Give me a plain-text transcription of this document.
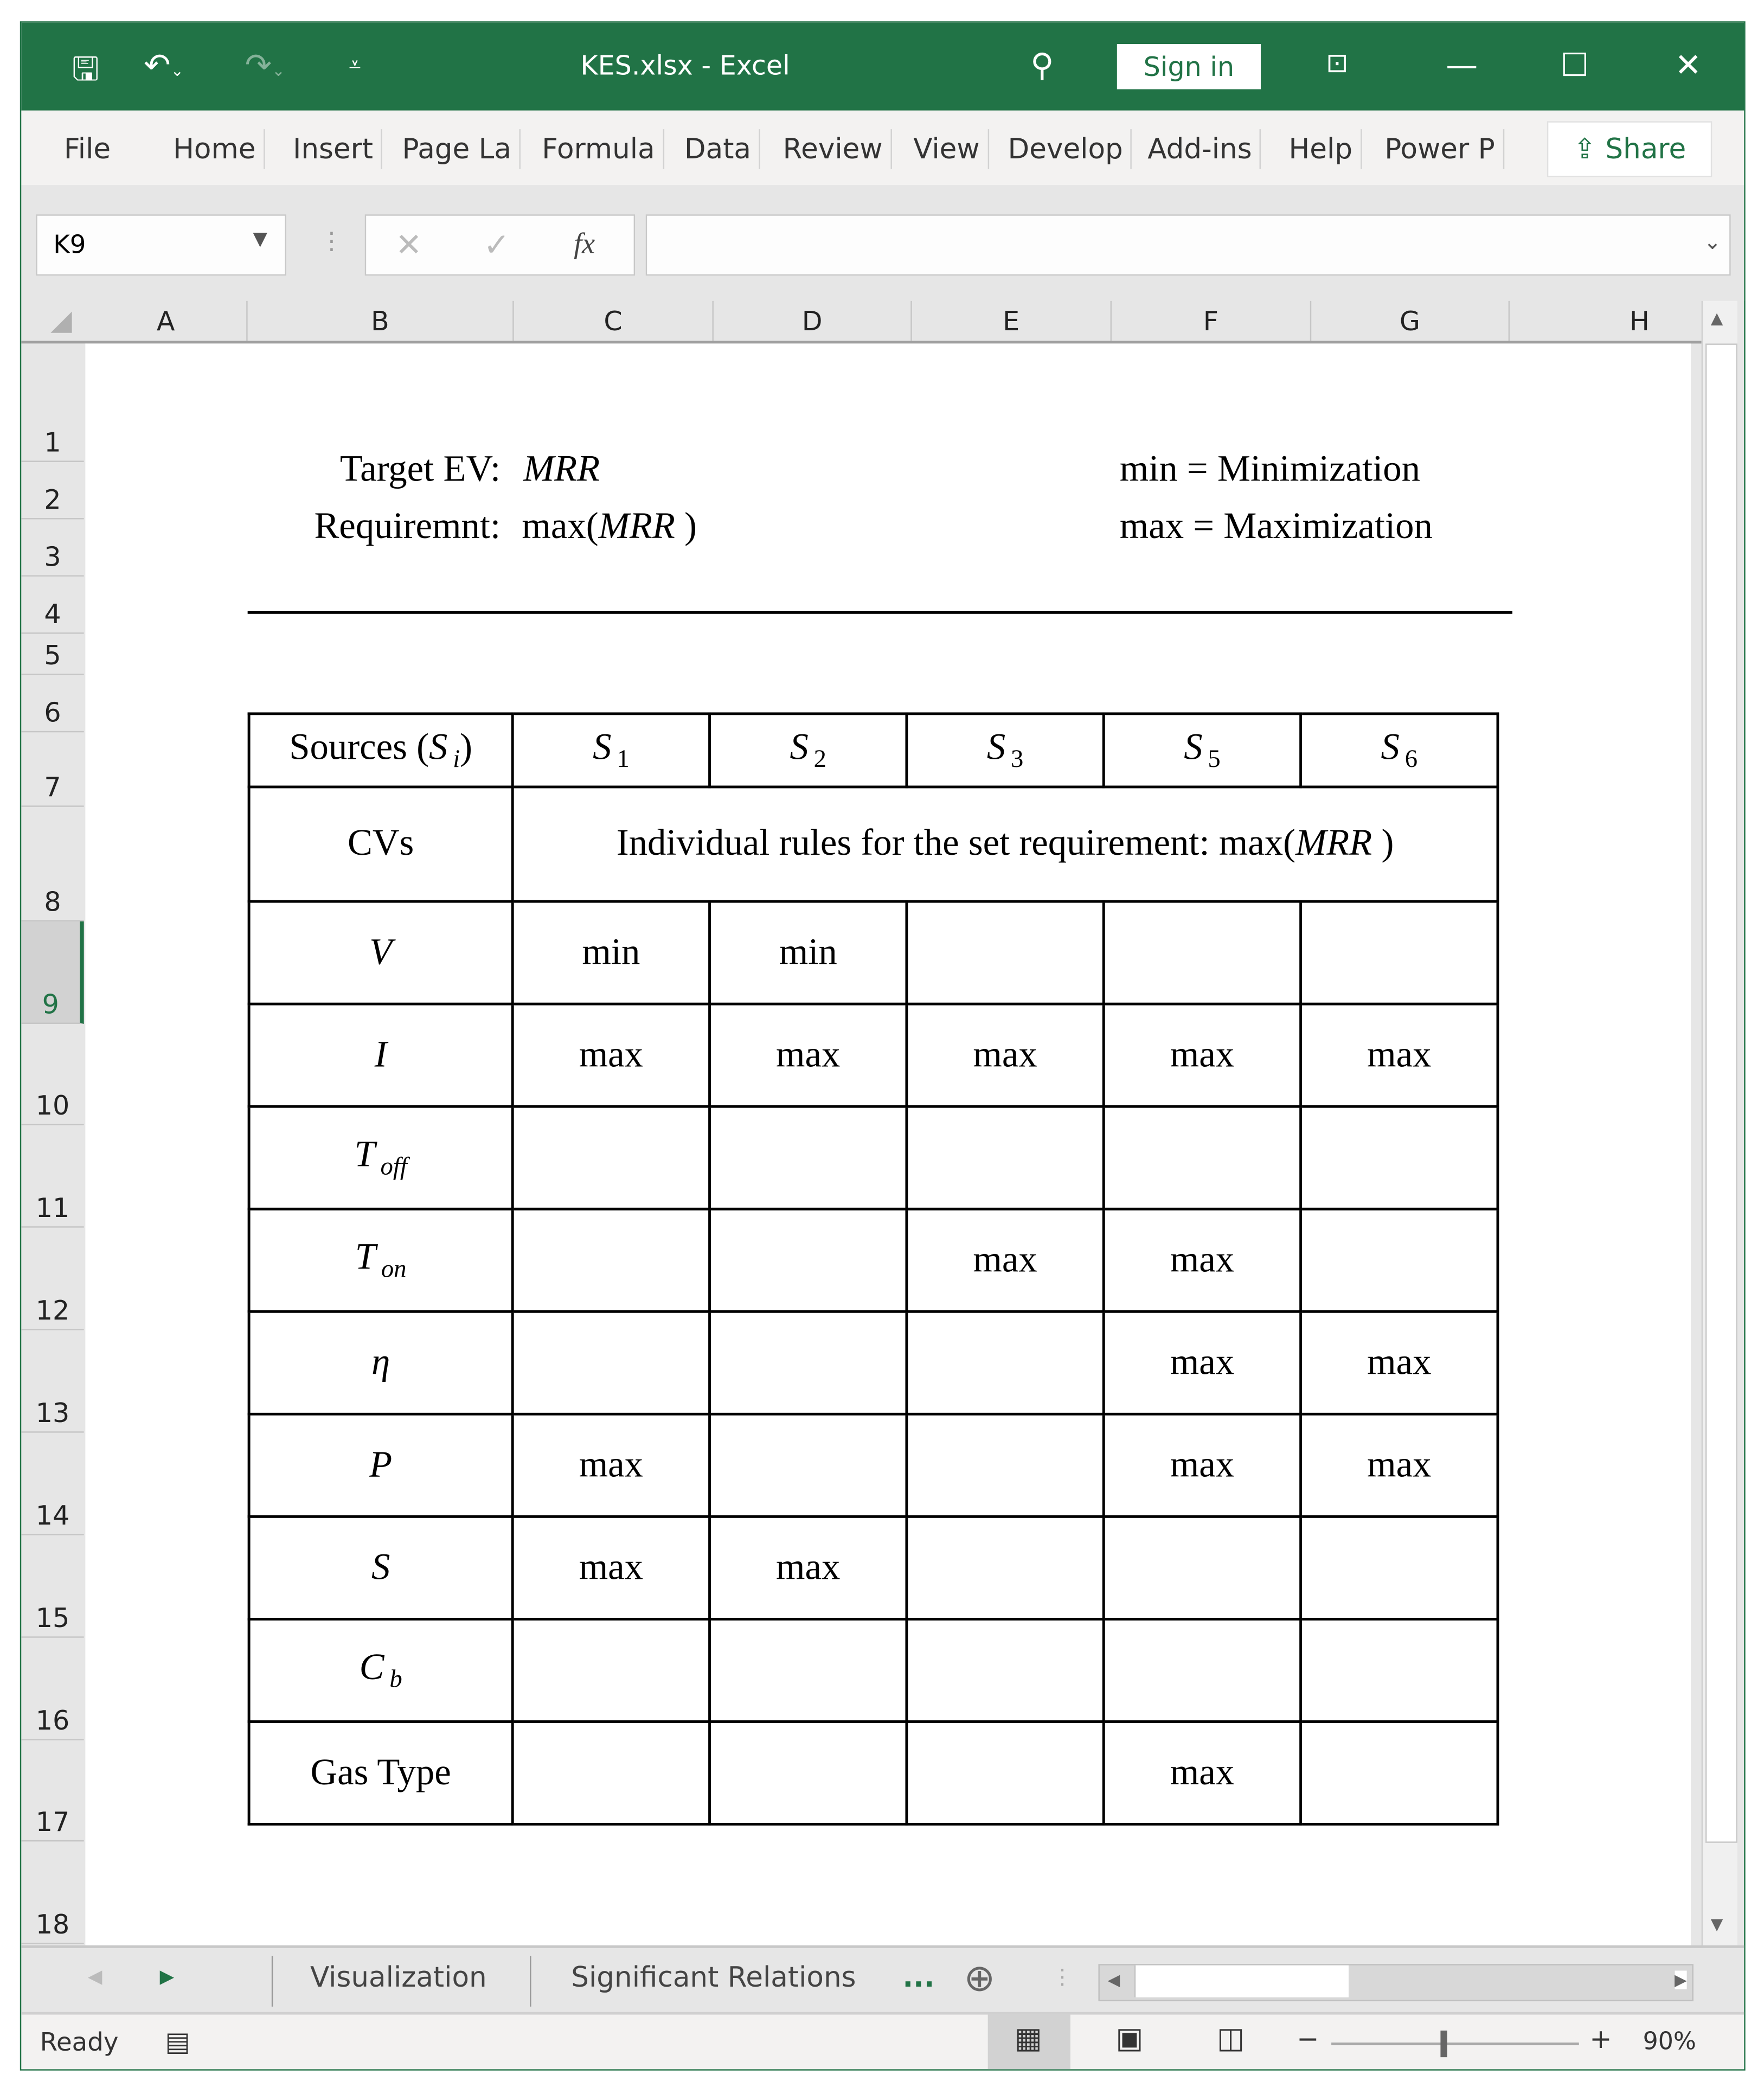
🖫	↶⌄	↷⌄	⩡	KES.xlsx - Excel	⚲	Sign in	⊡	—	☐	✕
File	Home	Insert	Page La	Formula	Data	Review	View	Develop	Add-ins	Help	Power P	⇪ Share
K9	▼	⋮	✕	✓	fx	⌄
A	B	C	D	E	F	G	H
1
2
3
4
5
6
7
8
9
10
11
12
13
14
15
16
17
18
Target EV: MRR
Requiremnt: max(MRR )
min = Minimization
max = Maximization
Sources (S $_i$)	S $_1$	S $_2$	S $_3$	S $_5$	S $_6$
CVs	Individual rules for the set requirement: max(MRR )				
V	min	min			
I	max	max	max	max	max
T $_{off}$					
T $_{on}$			max	max	
η				max	max
P	max			max	max
S	max	max			
C $_b$					
Gas Type				max	
▲
▼
◀	▶	Visualization	Significant Relations	... ⊕	⋮	◀	▶
Ready	▤	▦	▣	◫	−	+	90%
